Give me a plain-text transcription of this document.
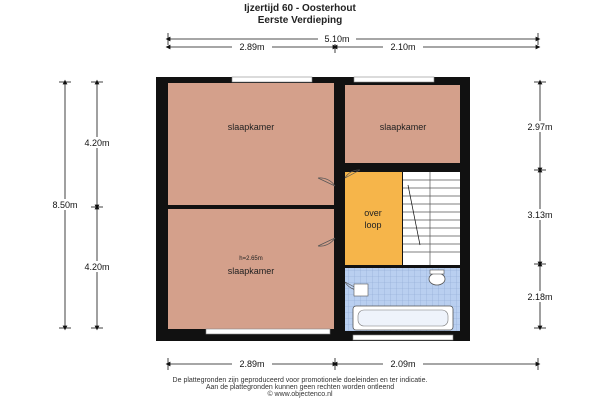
Ijzertijd 60 - Oosterhout
Eerste Verdieping
5.10m
2.89m	2.10m
2.89m	2.09m
8.50m
4.20m
4.20m
2.97m
3.13m
2.18m
slaapkamer	slaapkamer
over
loop
h=2.65m
slaapkamer
De plattegronden zijn geproduceerd voor promotionele doeleinden en ter indicatie.
Aan de plattegronden kunnen geen rechten worden ontleend
© www.objectenco.nl
